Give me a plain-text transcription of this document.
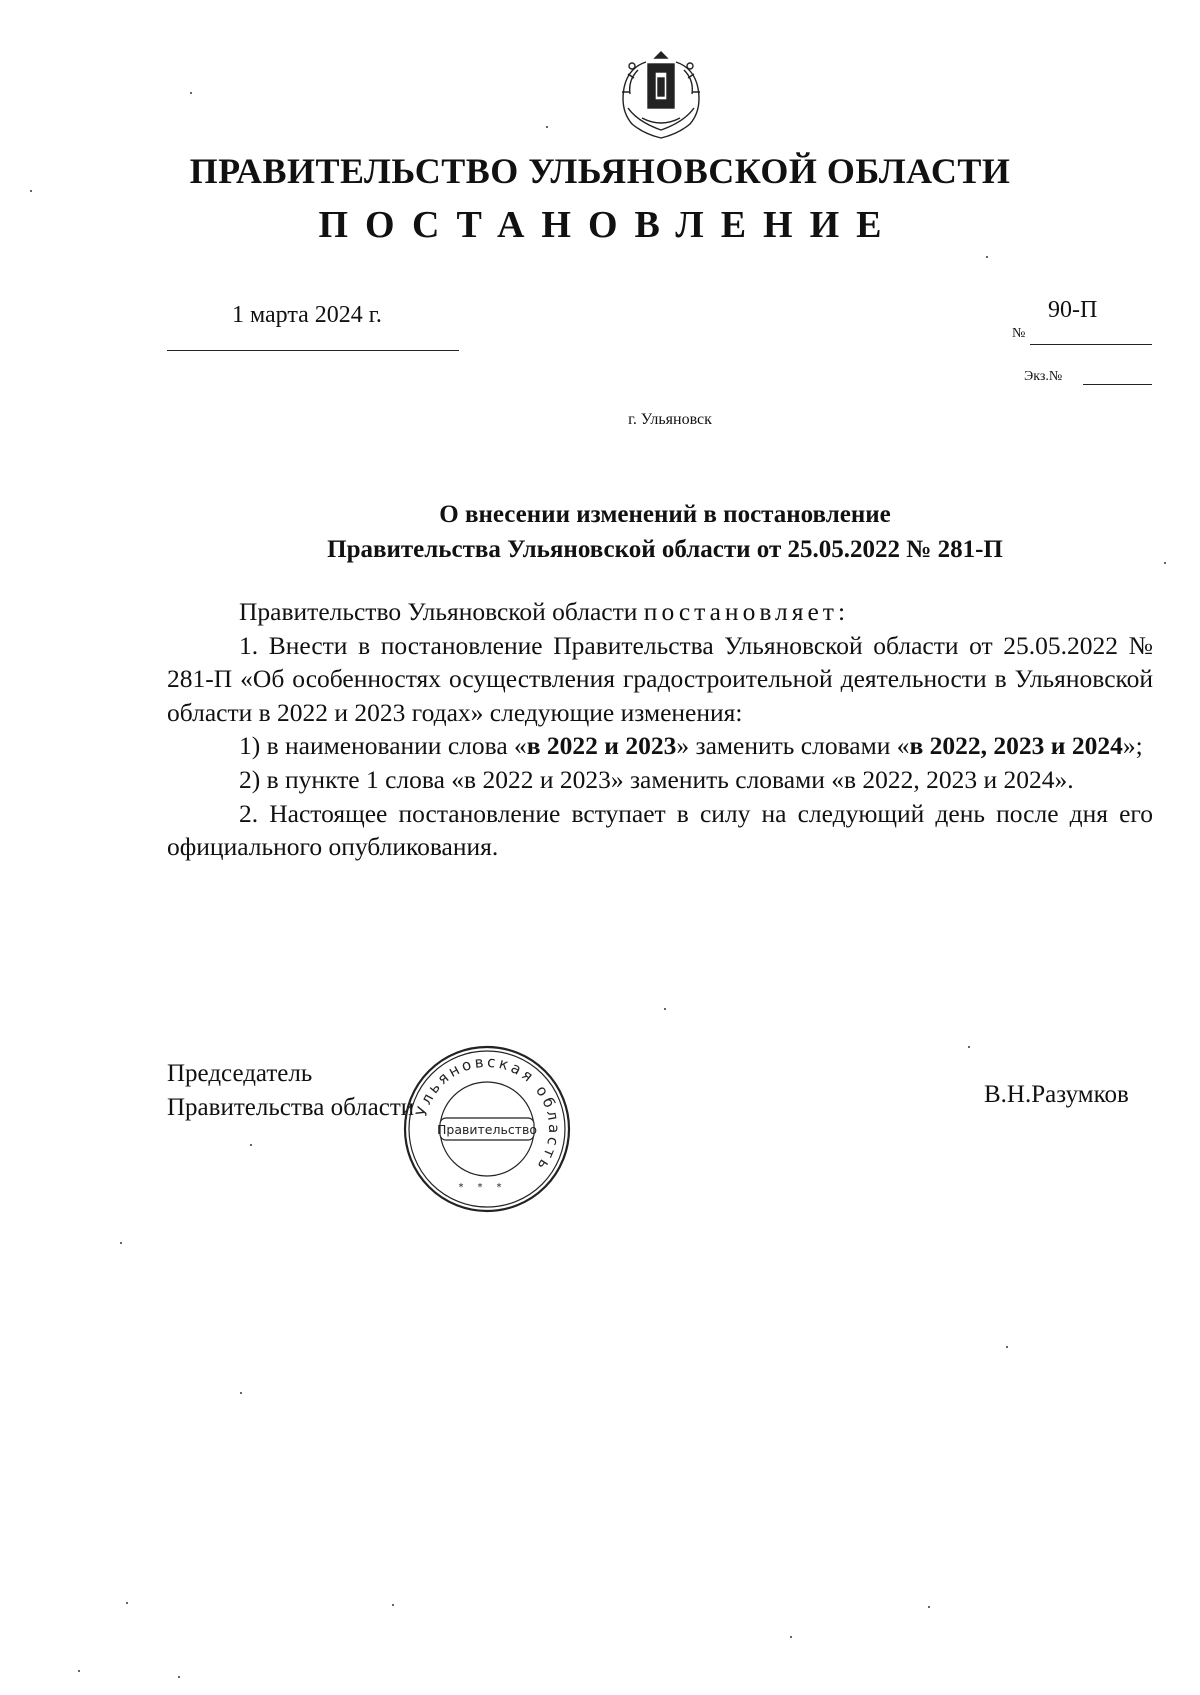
ПРАВИТЕЛЬСТВО УЛЬЯНОВСКОЙ ОБЛАСТИ
ПОСТАНОВЛЕНИЕ
1 марта 2024 г.
№
90-П
Экз.№
г. Ульяновск
О внесении изменений в постановление
Правительства Ульяновской области от 25.05.2022 № 281-П

Правительство Ульяновской области постановляет:

1. Внести в постановление Правительства Ульяновской области от 25.05.2022 № 281-П «Об особенностях осуществления градостроительной деятельности в Ульяновской области в 2022 и 2023 годах» следующие изменения:

1) в наименовании слова «в 2022 и 2023» заменить словами «в 2022, 2023 и 2024»;

2) в пункте 1 слова «в 2022 и 2023» заменить словами «в 2022, 2023 и 2024».

2. Настоящее постановление вступает в силу на следующий день после дня его официального опубликования.

Председатель
Правительства области	В.Н.Разумков
Ульяновская область
Правительство
***
